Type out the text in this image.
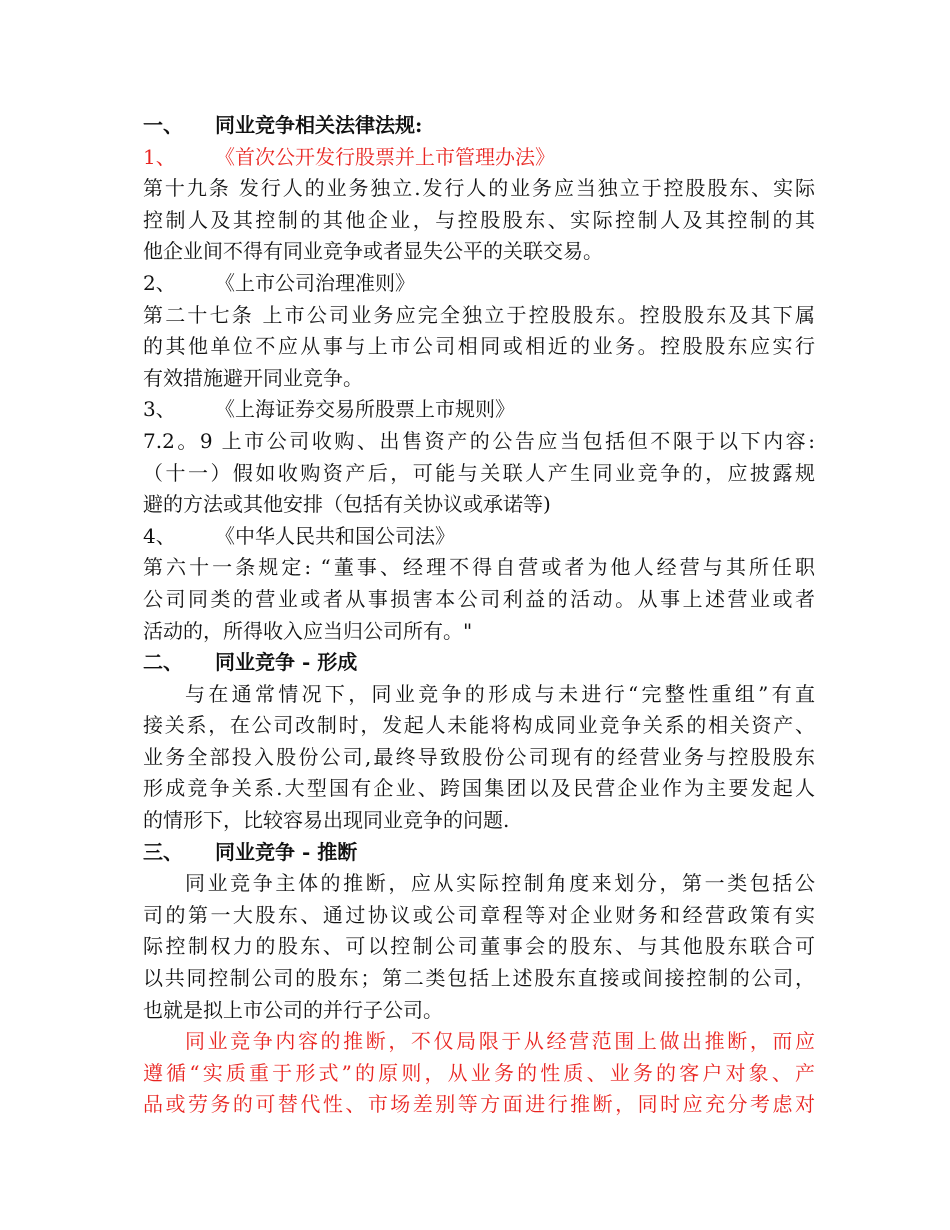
一、 同业竞争相关法律法规:
1、 《首次公开发行股票并上市管理办法》
第十九条 发行人的业务独立.发行人的业务应当独立于控股股东、实际
控制人及其控制的其他企业，与控股股东、实际控制人及其控制的其
他企业间不得有同业竞争或者显失公平的关联交易。
2、 《上市公司治理准则》
第二十七条 上市公司业务应完全独立于控股股东。控股股东及其下属
的其他单位不应从事与上市公司相同或相近的业务。控股股东应实行
有效措施避开同业竞争。
3、 《上海证券交易所股票上市规则》
7.2。9 上市公司收购、出售资产的公告应当包括但不限于以下内容:
（十一）假如收购资产后，可能与关联人产生同业竞争的，应披露规
避的方法或其他安排（包括有关协议或承诺等)
4、 《中华人民共和国公司法》
第六十一条规定: “董事、经理不得自营或者为他人经营与其所任职
公司同类的营业或者从事损害本公司利益的活动。从事上述营业或者
活动的，所得收入应当归公司所有。"
二、 同业竞争 - 形成
与在通常情况下，同业竞争的形成与未进行“完整性重组”有直
接关系，在公司改制时，发起人未能将构成同业竞争关系的相关资产、
业务全部投入股份公司,最终导致股份公司现有的经营业务与控股股东
形成竞争关系.大型国有企业、跨国集团以及民营企业作为主要发起人
的情形下，比较容易出现同业竞争的问题.
三、 同业竞争 - 推断
同业竞争主体的推断，应从实际控制角度来划分，第一类包括公
司的第一大股东、通过协议或公司章程等对企业财务和经营政策有实
际控制权力的股东、可以控制公司董事会的股东、与其他股东联合可
以共同控制公司的股东；第二类包括上述股东直接或间接控制的公司，
也就是拟上市公司的并行子公司。
同业竞争内容的推断，不仅局限于从经营范围上做出推断，而应
遵循“实质重于形式”的原则，从业务的性质、业务的客户对象、产
品或劳务的可替代性、市场差别等方面进行推断，同时应充分考虑对
